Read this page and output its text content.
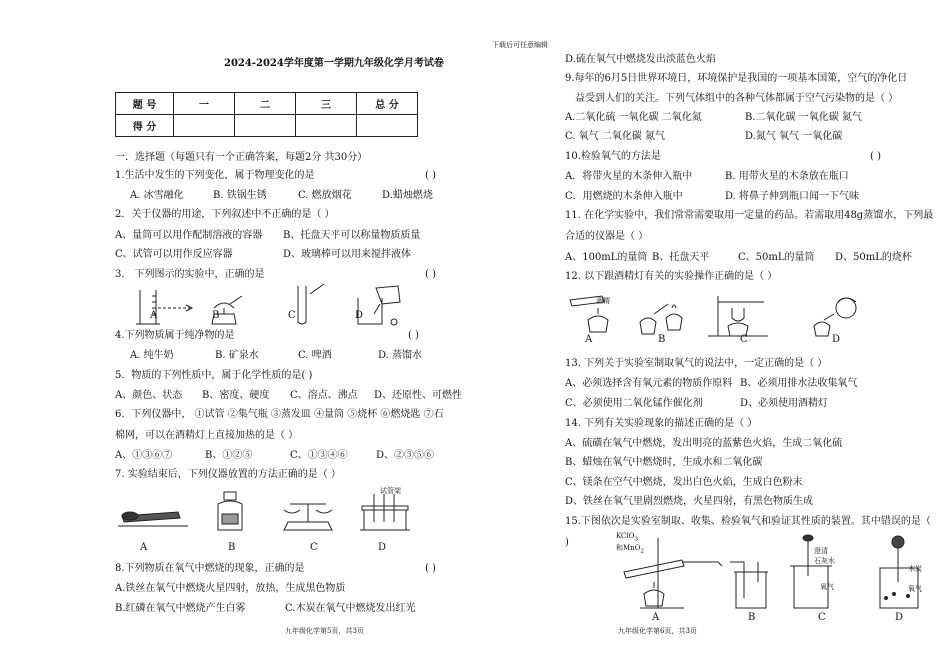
下载后可任意编辑
2024-2024学年度第一学期九年级化学月考试卷
题 号	一	二	三	总 分
得 分				
一．选择题（每题只有一个正确答案，每题2分 共30分）
1.生活中发生的下列变化，属于物理变化的是	( )
A. 冰雪融化	B. 铁锅生锈	C. 燃放烟花	D.蜡烛燃烧
2．关于仪器的用途，下列叙述中不正确的是（ ）
A、量筒可以用作配制溶液的容器 B、托盘天平可以称量物质质量
C、试管可以用作反应容器	D、玻璃棒可以用来搅拌液体
3． 下列图示的实验中，正确的是	( )
A	B	C	D
4.下列物质属于纯净物的是	( )
A. 纯牛奶	B. 矿泉水	C. 啤酒	D. 蒸馏水
5．物质的下列性质中，属于化学性质的是( )
A、颜色、状态 B、密度、硬度 C、溶点、沸点 D、还原性、可燃性
6．下列仪器中， ①试管 ②集气瓶 ③蒸发皿 ④量筒 ⑤烧杯 ⑥燃烧匙 ⑦石
棉网，可以在酒精灯上直接加热的是（ ）
A、①③⑥⑦	B、①②⑤	C、①③④⑥	D、②③⑤⑥
7. 实验结束后，下列仪器放置的方法正确的是（ ）
试管架
A	B	C	D
8.下列物质在氧气中燃烧的现象，正确的是	( )
A.铁丝在氧气中燃烧火星四射，放热，生成黑色物质
B.红磷在氧气中燃烧产生白雾	C.木炭在氧气中燃烧发出红光
九年级化学第5页，共3页
D.硫在氧气中燃烧发出淡蓝色火焰
9.每年的6月5日世界环境日，环境保护是我国的一项基本国策，空气的净化日
益受到人们的关注。下列气体组中的各种气体都属于空气污染物的是（ ）
A.二氧化硫 一氧化碳 二氧化氮	B.二氧化碳 一氧化碳 氮气
C. 氧气 二氧化碳 氮气	D.氮气 氧气 一氧化碳
10.检验氧气的方法是	( )
A．将带火星的木条伸入瓶中	B. 用带火星的木条放在瓶口
C．用燃烧的木条伸入瓶中	D. 将鼻子伸到瓶口闻一下气味
11. 在化学实验中，我们常常需要取用一定量的药品。若需取用48g蒸馏水，下列最
合适的仪器是（ ）
A、100mL的量筒 B、托盘天平	C、50mL的量筒 D、50mL的烧杯
12. 以下跟酒精灯有关的实验操作正确的是（ ）
酒精
A	B	C	D
13. 下列关于实验室制取氧气的说法中，一定正确的是（ ）
A、必须选择含有氧元素的物质作原料 B、必须用排水法收集氧气
C、必须使用二氧化锰作催化剂	D、必须使用酒精灯
14. 下列有关实验现象的描述正确的是（ ）
A、硫磺在氧气中燃烧，发出明亮的蓝紫色火焰，生成二氧化硫
B、蜡烛在氧气中燃烧时，生成水和二氧化碳
C、镁条在空气中燃烧，发出白色火焰，生成白色粉末
D、铁丝在氧气里剧烈燃烧，火星四射，有黑色物质生成
15.下图依次是实验室制取、收集、检验氧气和验证其性质的装置。其中错误的是（
)
KClO$_3$
和MnO$_2$	澄清
石灰水
氧气
木炭
氧气
A	B	C	D
九年级化学第6页，共3页
